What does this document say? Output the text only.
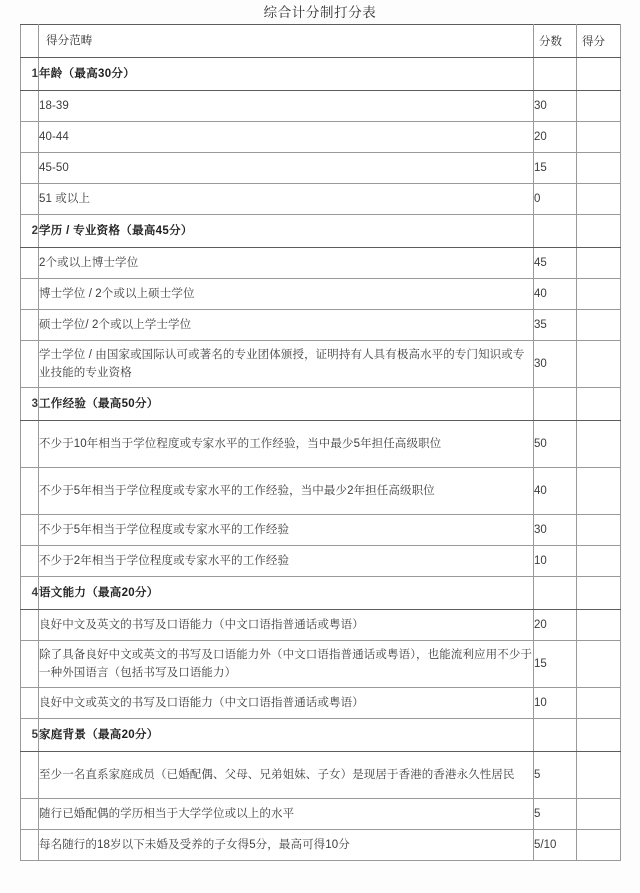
综合计分制打分表
	得分范畴	分数	得分
1	年龄（最高30分）		
	18-39	30	
	40-44	20	
	45-50	15	
	51 或以上	0	
2	学历 / 专业资格（最高45分）		
	2个或以上博士学位	45	
	博士学位 / 2个或以上硕士学位	40	
	硕士学位/ 2个或以上学士学位	35	
	学士学位 / 由国家或国际认可或著名的专业团体颁授，证明持有人具有极高水平的专门知识或专业技能的专业资格	30	
3	工作经验（最高50分）		
	不少于10年相当于学位程度或专家水平的工作经验，当中最少5年担任高级职位	50	
	不少于5年相当于学位程度或专家水平的工作经验，当中最少2年担任高级职位	40	
	不少于5年相当于学位程度或专家水平的工作经验	30	
	不少于2年相当于学位程度或专家水平的工作经验	10	
4	语文能力（最高20分）		
	良好中文及英文的书写及口语能力（中文口语指普通话或粤语）	20	
	除了具备良好中文或英文的书写及口语能力外（中文口语指普通话或粤语），也能流利应用不少于一种外国语言（包括书写及口语能力）	15	
	良好中文或英文的书写及口语能力（中文口语指普通话或粤语）	10	
5	家庭背景（最高20分）		
	至少一名直系家庭成员（已婚配偶、父母、兄弟姐妹、子女）是现居于香港的香港永久性居民	5	
	随行已婚配偶的学历相当于大学学位或以上的水平	5	
	每名随行的18岁以下未婚及受养的子女得5分，最高可得10分	5/10	
